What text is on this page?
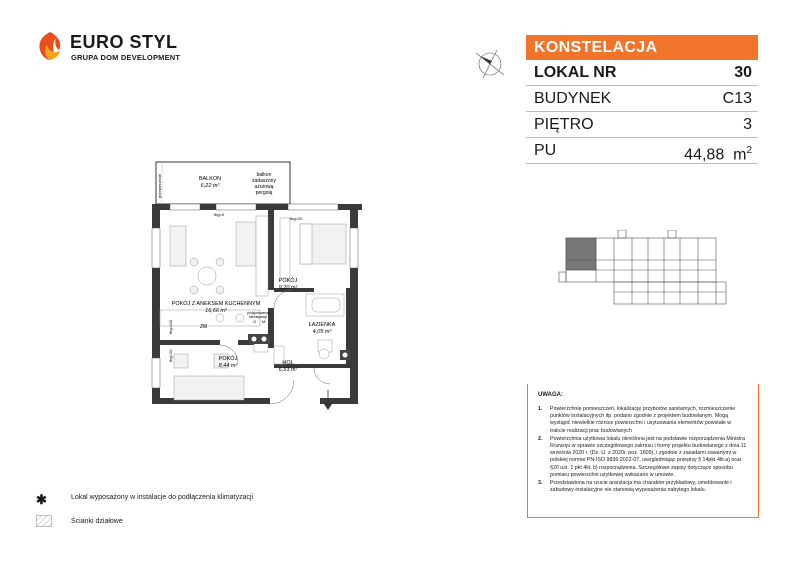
EURO STYL
GRUPA DOM DEVELOPMENT
KONSTELACJA
LOKAL NR	30
BUDYNEK	C13
PIĘTRO	3
PU	44,88 $m^2$
UWAGA:
1. Powierzchnię pomieszczeń, lokalizację przyborów sanitarnych, rozmieszczenie punktów instalacyjnych itp. podano zgodnie z projektem budowlanym. Mogą wystąpić niewielkie różnice powierzchni i usytuowania elementów powstałe w trakcie realizacji prac budowlanych
2. Powierzchnia użytkowa lokalu określona jest na podstawie rozporządzenia Ministra Rozwoju w sprawie szczegółowego zakresu i formy projektu budowlanego z dnia 11 września 2020 r. (Dz. U. z 2020r. poz. 1609), i zgodnie z zasadami zawartymi w polskiej normie PN-ISO 9836:2022-07, uwzględniając przepisy § 14pkt 4lit.a) oraz §20 ust. 1 pkt 4lit. b) rozporządzenia. Szczegółowe zapisy dotyczące sposobu pomiaru powierzchni użytkowej wskazano w umowie.
3. Przedstawiona na rzucie aranżacja ma charakter przykładowy, umeblowanie i zabudowy instalacyjne nie stanowią wyposażenia nabytego lokalu.
✱	Lokal wyposażony w instalacje do podłączenia klimatyzacji
Ścianki działowe
BALKON
6,22 m²
balkon
zadaszony
ażurową
pergolą
przepierzenie
POKÓJ Z ANEKSEM KUCHENNYM
16,66 m²
POKÓJ
9,20 m²
ŁAZIENKA
4,05 m²
POKÓJ
8,44 m²	HOL
6,53 m²
fbg=0
fbg=20
fbg=110
fbg=20
ZM
podgotowanie
klimatyzacji
O M
